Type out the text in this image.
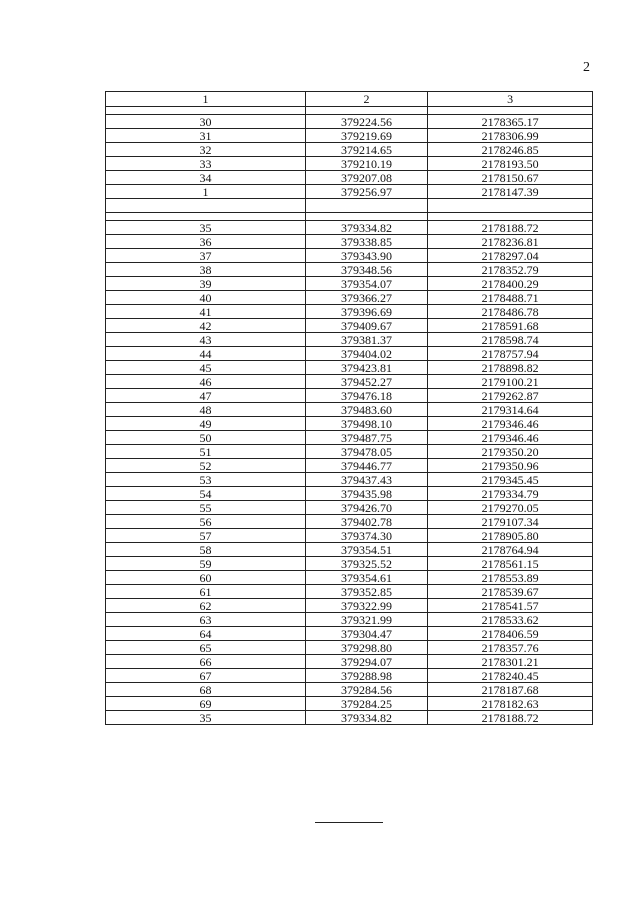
2
1	2	3

30	379224.56	2178365.17
31	379219.69	2178306.99
32	379214.65	2178246.85
33	379210.19	2178193.50
34	379207.08	2178150.67
1	379256.97	2178147.39

35	379334.82	2178188.72
36	379338.85	2178236.81
37	379343.90	2178297.04
38	379348.56	2178352.79
39	379354.07	2178400.29
40	379366.27	2178488.71
41	379396.69	2178486.78
42	379409.67	2178591.68
43	379381.37	2178598.74
44	379404.02	2178757.94
45	379423.81	2178898.82
46	379452.27	2179100.21
47	379476.18	2179262.87
48	379483.60	2179314.64
49	379498.10	2179346.46
50	379487.75	2179346.46
51	379478.05	2179350.20
52	379446.77	2179350.96
53	379437.43	2179345.45
54	379435.98	2179334.79
55	379426.70	2179270.05
56	379402.78	2179107.34
57	379374.30	2178905.80
58	379354.51	2178764.94
59	379325.52	2178561.15
60	379354.61	2178553.89
61	379352.85	2178539.67
62	379322.99	2178541.57
63	379321.99	2178533.62
64	379304.47	2178406.59
65	379298.80	2178357.76
66	379294.07	2178301.21
67	379288.98	2178240.45
68	379284.56	2178187.68
69	379284.25	2178182.63
35	379334.82	2178188.72
